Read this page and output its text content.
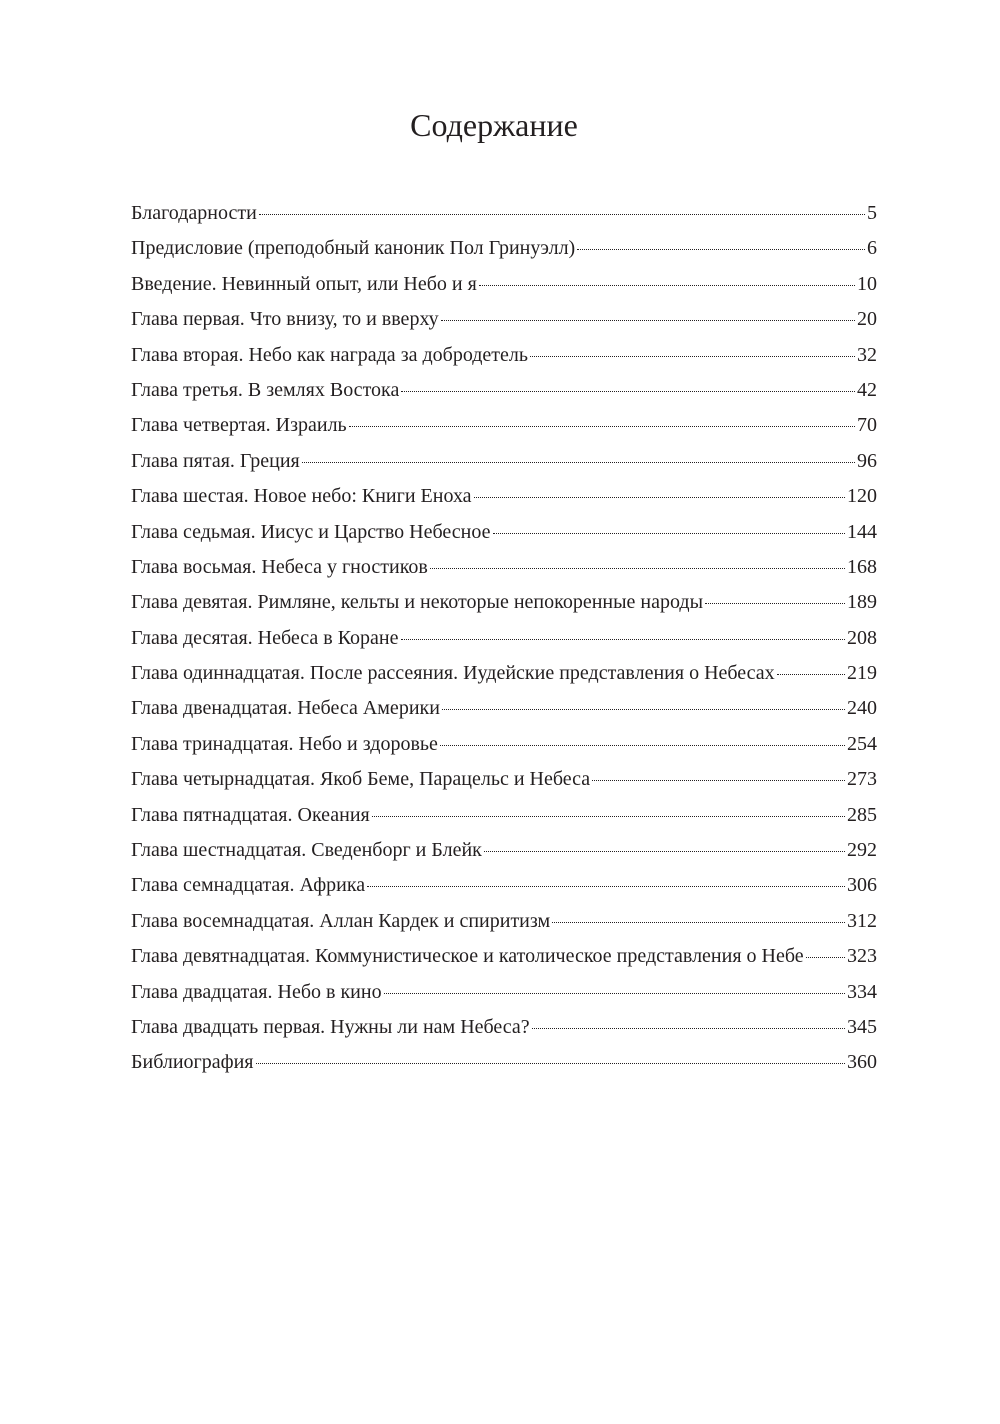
Содержание
Благодарности	5
Предисловие (преподобный каноник Пол Гринуэлл)	6
Введение. Невинный опыт, или Небо и я	10
Глава первая. Что внизу, то и вверху	20
Глава вторая. Небо как награда за добродетель	32
Глава третья. В землях Востока	42
Глава четвертая. Израиль	70
Глава пятая. Греция	96
Глава шестая. Новое небо: Книги Еноха	120
Глава седьмая. Иисус и Царство Небесное	144
Глава восьмая. Небеса у гностиков	168
Глава девятая. Римляне, кельты и некоторые непокоренные народы	189
Глава десятая. Небеса в Коране	208
Глава одиннадцатая. После рассеяния. Иудейские представления о Небесах	219
Глава двенадцатая. Небеса Америки	240
Глава тринадцатая. Небо и здоровье	254
Глава четырнадцатая. Якоб Беме, Парацельс и Небеса	273
Глава пятнадцатая. Океания	285
Глава шестнадцатая. Сведенборг и Блейк	292
Глава семнадцатая. Африка	306
Глава восемнадцатая. Аллан Кардек и спиритизм	312
Глава девятнадцатая. Коммунистическое и католическое представления о Небе 323
Глава двадцатая. Небо в кино	334
Глава двадцать первая. Нужны ли нам Небеса?	345
Библиография	360
